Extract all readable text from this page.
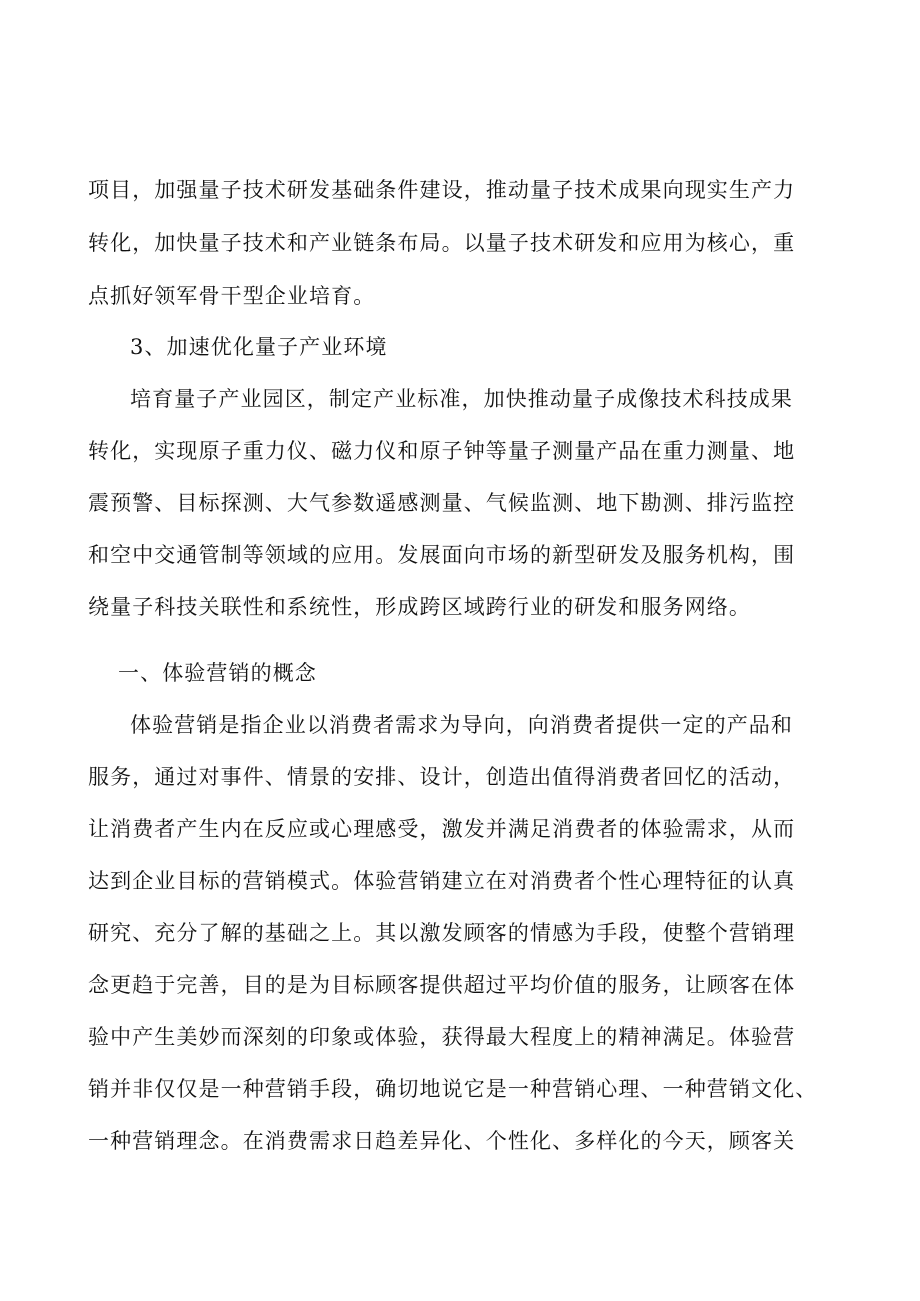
项目，加强量子技术研发基础条件建设，推动量子技术成果向现实生产力

转化，加快量子技术和产业链条布局。以量子技术研发和应用为核心，重

点抓好领军骨干型企业培育。

3、加速优化量子产业环境

培育量子产业园区，制定产业标准，加快推动量子成像技术科技成果

转化，实现原子重力仪、磁力仪和原子钟等量子测量产品在重力测量、地

震预警、目标探测、大气参数遥感测量、气候监测、地下勘测、排污监控

和空中交通管制等领域的应用。发展面向市场的新型研发及服务机构，围

绕量子科技关联性和系统性，形成跨区域跨行业的研发和服务网络。

一、体验营销的概念

体验营销是指企业以消费者需求为导向，向消费者提供一定的产品和

服务，通过对事件、情景的安排、设计，创造出值得消费者回忆的活动，

让消费者产生内在反应或心理感受，激发并满足消费者的体验需求，从而

达到企业目标的营销模式。体验营销建立在对消费者个性心理特征的认真

研究、充分了解的基础之上。其以激发顾客的情感为手段，使整个营销理

念更趋于完善，目的是为目标顾客提供超过平均价值的服务，让顾客在体

验中产生美妙而深刻的印象或体验，获得最大程度上的精神满足。体验营

销并非仅仅是一种营销手段，确切地说它是一种营销心理、一种营销文化、

一种营销理念。在消费需求日趋差异化、个性化、多样化的今天，顾客关
